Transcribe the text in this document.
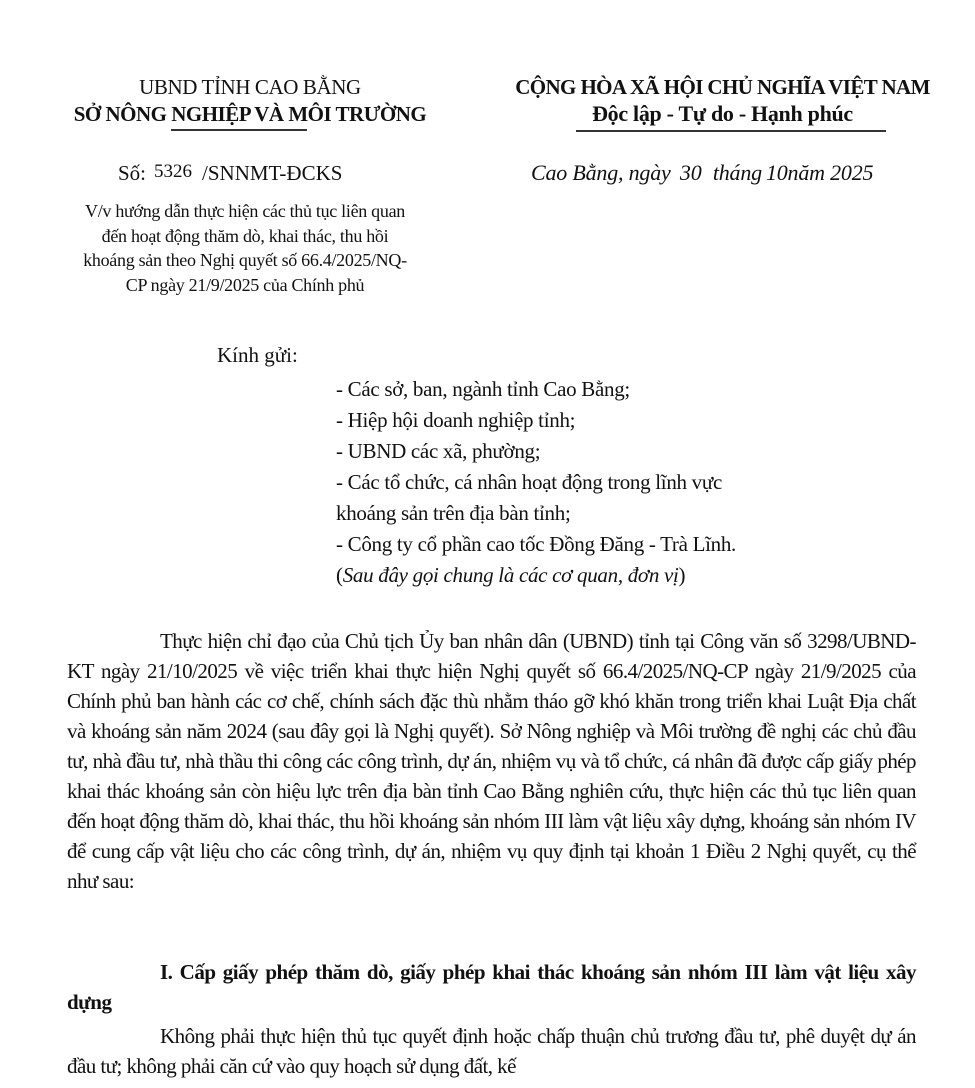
UBND TỈNH CAO BẰNG
SỞ NÔNG NGHIỆP VÀ MÔI TRƯỜNG
CỘNG HÒA XÃ HỘI CHỦ NGHĨA VIỆT NAM
Độc lập - Tự do - Hạnh phúc
Số: 5326 /SNNMT-ĐCKS	Cao Bằng, ngày 30 tháng 10năm 2025
V/v hướng dẫn thực hiện các thủ tục liên quan
đến hoạt động thăm dò, khai thác, thu hồi
khoáng sản theo Nghị quyết số 66.4/2025/NQ-
CP ngày 21/9/2025 của Chính phủ
Kính gửi:
- Các sở, ban, ngành tỉnh Cao Bằng;
- Hiệp hội doanh nghiệp tỉnh;
- UBND các xã, phường;
- Các tổ chức, cá nhân hoạt động trong lĩnh vực
khoáng sản trên địa bàn tỉnh;
- Công ty cổ phần cao tốc Đồng Đăng - Trà Lĩnh.
(Sau đây gọi chung là các cơ quan, đơn vị)
Thực hiện chỉ đạo của Chủ tịch Ủy ban nhân dân (UBND) tỉnh tại Công văn số 3298/UBND-KT ngày 21/10/2025 về việc triển khai thực hiện Nghị quyết số 66.4/2025/NQ-CP ngày 21/9/2025 của Chính phủ ban hành các cơ chế, chính sách đặc thù nhằm tháo gỡ khó khăn trong triển khai Luật Địa chất và khoáng sản năm 2024 (sau đây gọi là Nghị quyết). Sở Nông nghiệp và Môi trường đề nghị các chủ đầu tư, nhà đầu tư, nhà thầu thi công các công trình, dự án, nhiệm vụ và tổ chức, cá nhân đã được cấp giấy phép khai thác khoáng sản còn hiệu lực trên địa bàn tỉnh Cao Bằng nghiên cứu, thực hiện các thủ tục liên quan đến hoạt động thăm dò, khai thác, thu hồi khoáng sản nhóm III làm vật liệu xây dựng, khoáng sản nhóm IV để cung cấp vật liệu cho các công trình, dự án, nhiệm vụ quy định tại khoản 1 Điều 2 Nghị quyết, cụ thể như sau:
I. Cấp giấy phép thăm dò, giấy phép khai thác khoáng sản nhóm III làm vật liệu xây dựng
Không phải thực hiện thủ tục quyết định hoặc chấp thuận chủ trương đầu tư, phê duyệt dự án đầu tư; không phải căn cứ vào quy hoạch sử dụng đất, kế
